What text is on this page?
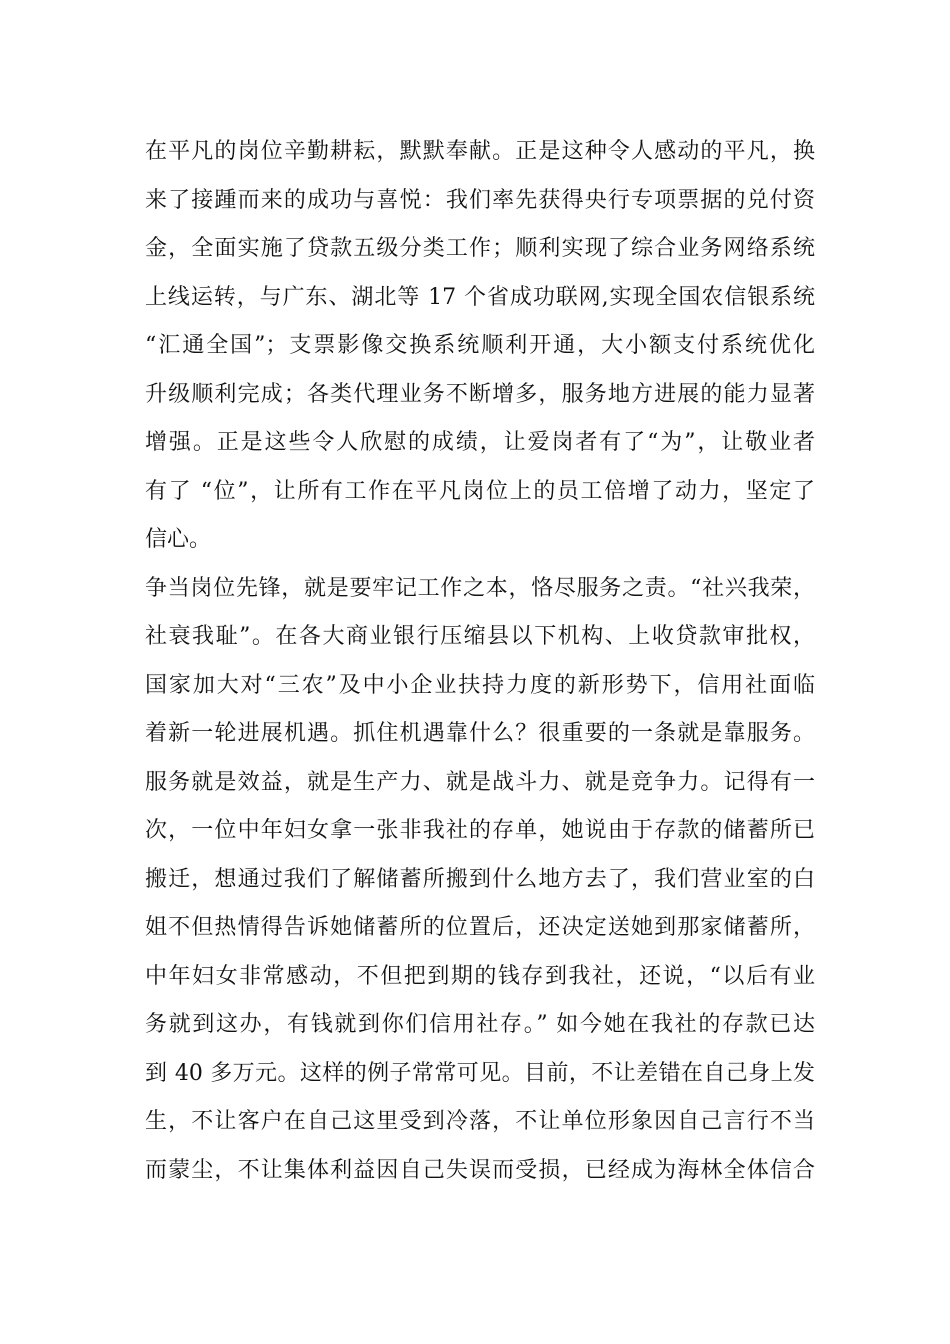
在平凡的岗位辛勤耕耘，默默奉献。正是这种令人感动的平凡，换
来了接踵而来的成功与喜悦：我们率先获得央行专项票据的兑付资
金，全面实施了贷款五级分类工作；顺利实现了综合业务网络系统
上线运转，与广东、湖北等 17 个省成功联网,实现全国农信银系统
“汇通全国”；支票影像交换系统顺利开通，大小额支付系统优化
升级顺利完成；各类代理业务不断增多，服务地方进展的能力显著
增强。正是这些令人欣慰的成绩，让爱岗者有了“为”，让敬业者
有了 “位”，让所有工作在平凡岗位上的员工倍增了动力，坚定了
信心。
争当岗位先锋，就是要牢记工作之本，恪尽服务之责。“社兴我荣，
社衰我耻”。在各大商业银行压缩县以下机构、上收贷款审批权，
国家加大对“三农”及中小企业扶持力度的新形势下，信用社面临
着新一轮进展机遇。抓住机遇靠什么？很重要的一条就是靠服务。
服务就是效益，就是生产力、就是战斗力、就是竞争力。记得有一
次，一位中年妇女拿一张非我社的存单，她说由于存款的储蓄所已
搬迁，想通过我们了解储蓄所搬到什么地方去了，我们营业室的白
姐不但热情得告诉她储蓄所的位置后，还决定送她到那家储蓄所，
中年妇女非常感动，不但把到期的钱存到我社，还说，“以后有业
务就到这办，有钱就到你们信用社存。” 如今她在我社的存款已达
到 40 多万元。这样的例子常常可见。目前，不让差错在自己身上发
生，不让客户在自己这里受到冷落，不让单位形象因自己言行不当
而蒙尘，不让集体利益因自己失误而受损，已经成为海林全体信合
